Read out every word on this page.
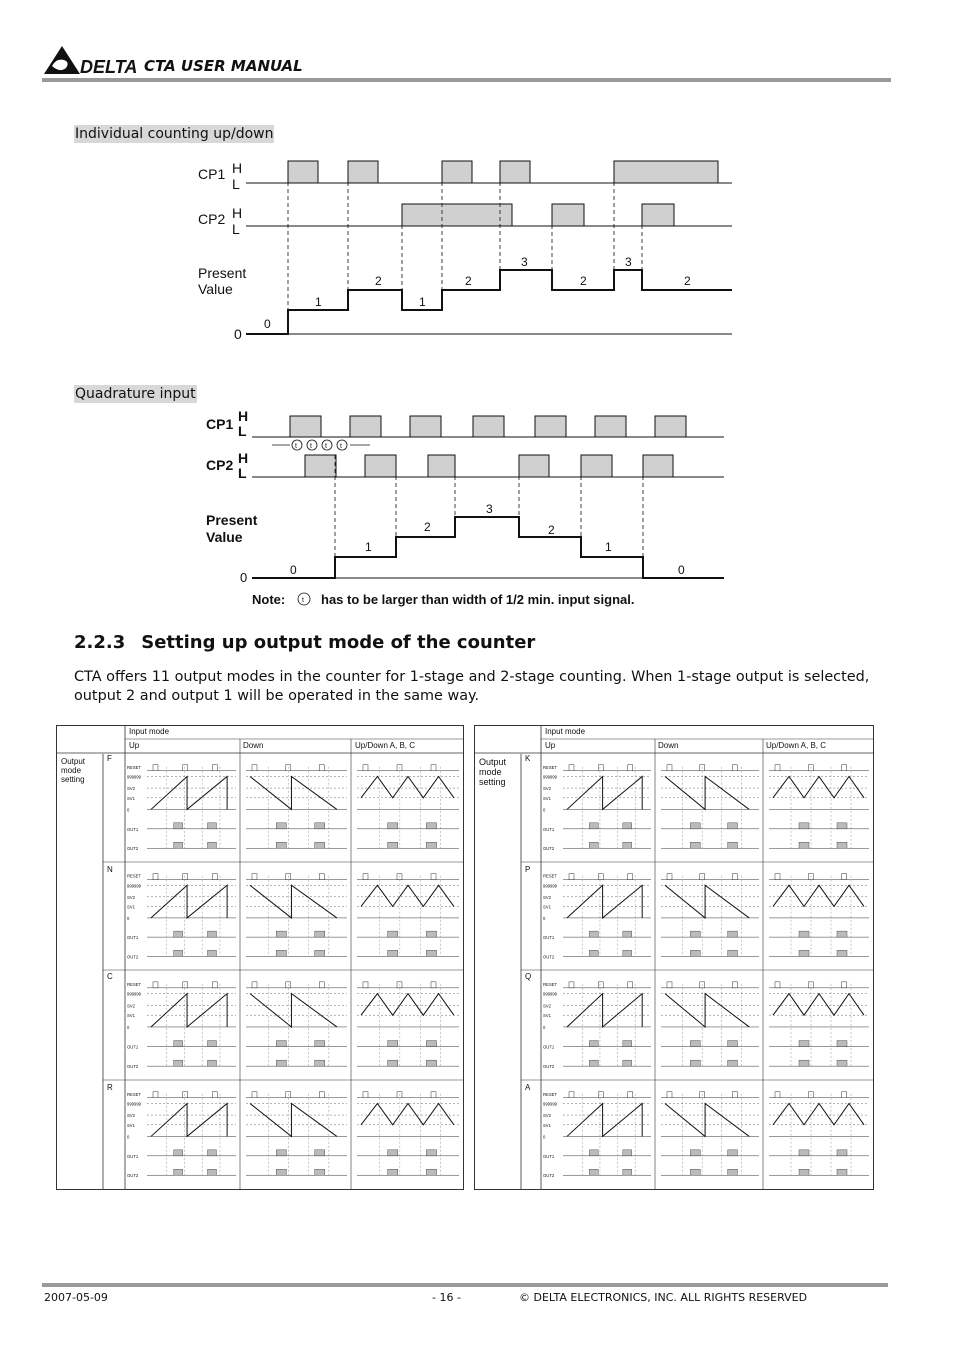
DELTA CTA USER MANUAL
Individual counting up/down
CP1 H
L
CP2 H
L
Present
Value
0
0
1
2
1
2
3
2
3
2
Quadrature input
CP1 H
L
CP2 H
L
Present
Value
0
t t t t
0
1
2
3
2
1
0
Note: t has to be larger than width of 1/2 min. input signal.
2.2.3 Setting up output mode of the counter
CTA offers 11 output modes in the counter for 1-stage and 2-stage counting. When 1-stage output is selected, output 2 and output 1 will be operated in the same way.
RESET
999999
SV2
SV1
0
OUT1
OUT2
RESET
999999
SV2
SV1
0
OUT1
OUT2
RESET
999999
SV2
SV1
0
OUT1
OUT2
RESET
999999
SV2
SV1
0
OUT1
OUT2
Input mode
Up	Down	Up/Down A, B, C
Output mode setting
F
N
C
R
RESET
999999
SV2
SV1
0
OUT1
OUT2
RESET
999999
SV2
SV1
0
OUT1
OUT2
RESET
999999
SV2
SV1
0
OUT1
OUT2
RESET
999999
SV2
SV1
0
OUT1
OUT2
Input mode
Up	Down	Up/Down A, B, C
Output mode setting
K
P
Q
A
2007-05-09	- 16 -	© DELTA ELECTRONICS, INC. ALL RIGHTS RESERVED
